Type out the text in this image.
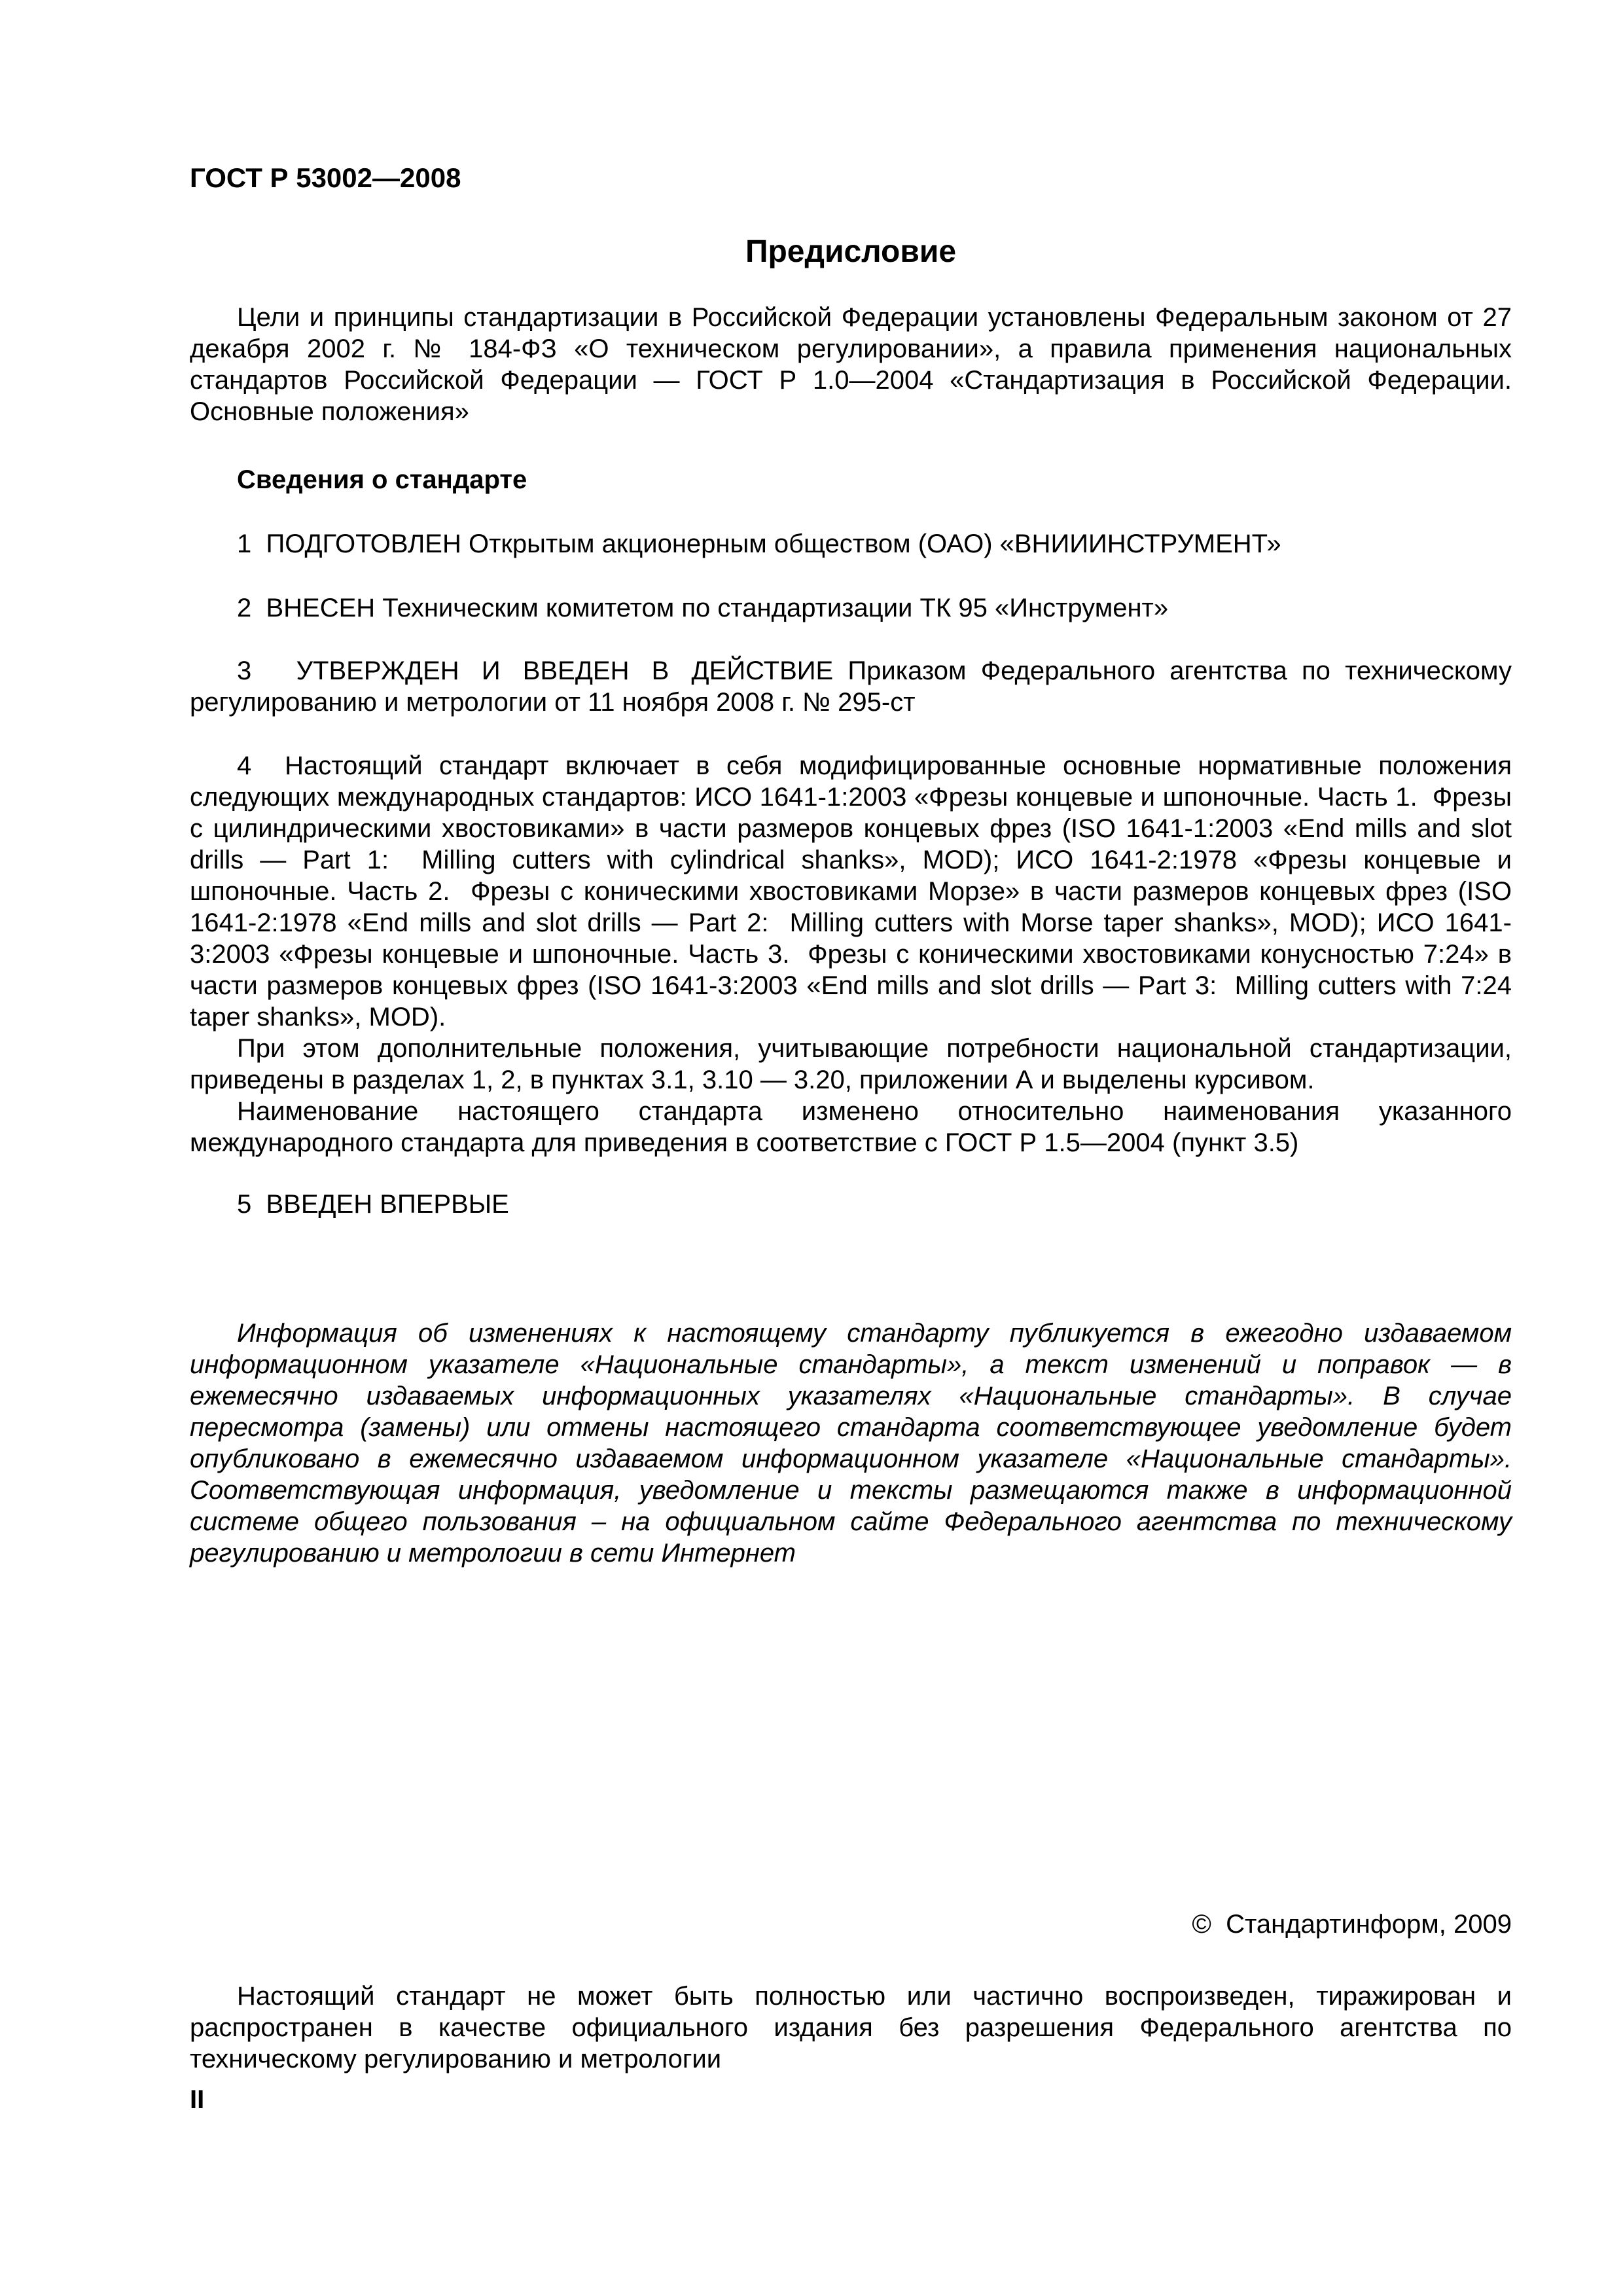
ГОСТ Р 53002—2008
Предисловие

Цели и принципы стандартизации в Российской Федерации установлены Федеральным законом от 27 декабря 2002 г. № 184-ФЗ «О техническом регулировании», а правила применения национальных стандартов Российской Федерации — ГОСТ Р 1.0—2004 «Стандартизация в Российской Федерации. Основные положения»

Сведения о стандарте

1  ПОДГОТОВЛЕН Открытым акционерным обществом (ОАО) «ВНИИИНСТРУМЕНТ»

2  ВНЕСЕН Техническим комитетом по стандартизации ТК 95 «Инструмент»

3  УТВЕРЖДЕН И ВВЕДЕН В ДЕЙСТВИЕ Приказом Федерального агентства по техническому регулированию и метрологии от 11 ноября 2008 г. № 295-ст

4  Настоящий стандарт включает в себя модифицированные основные нормативные положения следующих международных стандартов: ИСО 1641-1:2003 «Фрезы концевые и шпоночные. Часть 1.  Фрезы с цилиндрическими хвостовиками» в части размеров концевых фрез (ISO 1641-1:2003 «End mills and slot drills — Part 1:  Milling cutters with cylindrical shanks», MOD); ИСО 1641-2:1978 «Фрезы концевые и шпоночные. Часть 2.  Фрезы с коническими хвостовиками Морзе» в части размеров концевых фрез (ISO 1641-2:1978 «End mills and slot drills — Part 2:  Milling cutters with Morse taper shanks», MOD); ИСО 1641-3:2003 «Фрезы концевые и шпоночные. Часть 3.  Фрезы с коническими хвостовиками конусностью 7:24» в части размеров концевых фрез (ISO 1641-3:2003 «End mills and slot drills — Part 3:  Milling cutters with 7:24 taper shanks», MOD).

При этом дополнительные положения, учитывающие потребности национальной стандартизации, приведены в разделах 1, 2, в пунктах 3.1, 3.10 — 3.20, приложении А и выделены курсивом.

Наименование настоящего стандарта изменено относительно наименования указанного международного стандарта для приведения в соответствие с ГОСТ Р 1.5—2004 (пункт 3.5)

5  ВВЕДЕН ВПЕРВЫЕ

Информация об изменениях к настоящему стандарту публикуется в ежегодно издаваемом информационном указателе «Национальные стандарты», а текст изменений и поправок — в ежемесячно издаваемых информационных указателях «Национальные стандарты». В случае пересмотра (замены) или отмены настоящего стандарта соответствующее уведомление будет опубликовано в ежемесячно издаваемом информационном указателе «Национальные стандарты». Соответствующая информация, уведомление и тексты размещаются также в информационной системе общего пользования – на официальном сайте Федерального агентства по техническому регулированию и метрологии в сети Интернет

©  Стандартинформ, 2009

Настоящий стандарт не может быть полностью или частично воспроизведен, тиражирован и распространен в качестве официального издания без разрешения Федерального агентства по техническому регулированию и метрологии

II
